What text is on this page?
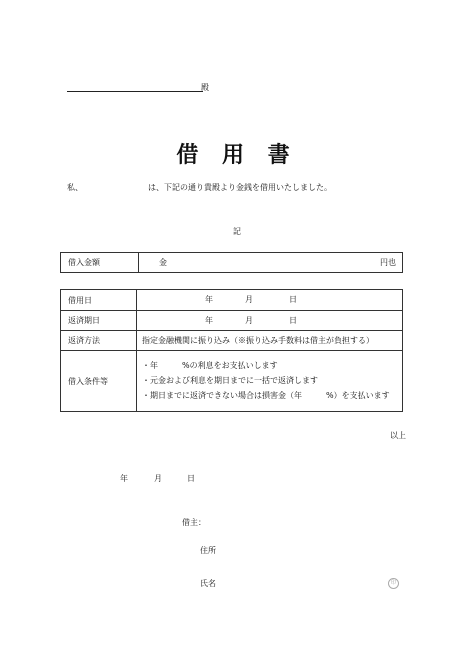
殿
借 用 書
私、	は、下記の通り貴殿より金銭を借用いたしました。
記
借入金額	金	円也
借用日	年	月	日
返済期日	年	月	日
返済方法	指定金融機関に振り込み（※振り込み手数料は借主が負担する）
借入条件等
・年　　　%の利息をお支払いします
・元金および利息を期日までに一括で返済します
・期日までに返済できない場合は損害金（年　　　%）を支払います
以上
年	月	日
借主：
住所
氏名	印
